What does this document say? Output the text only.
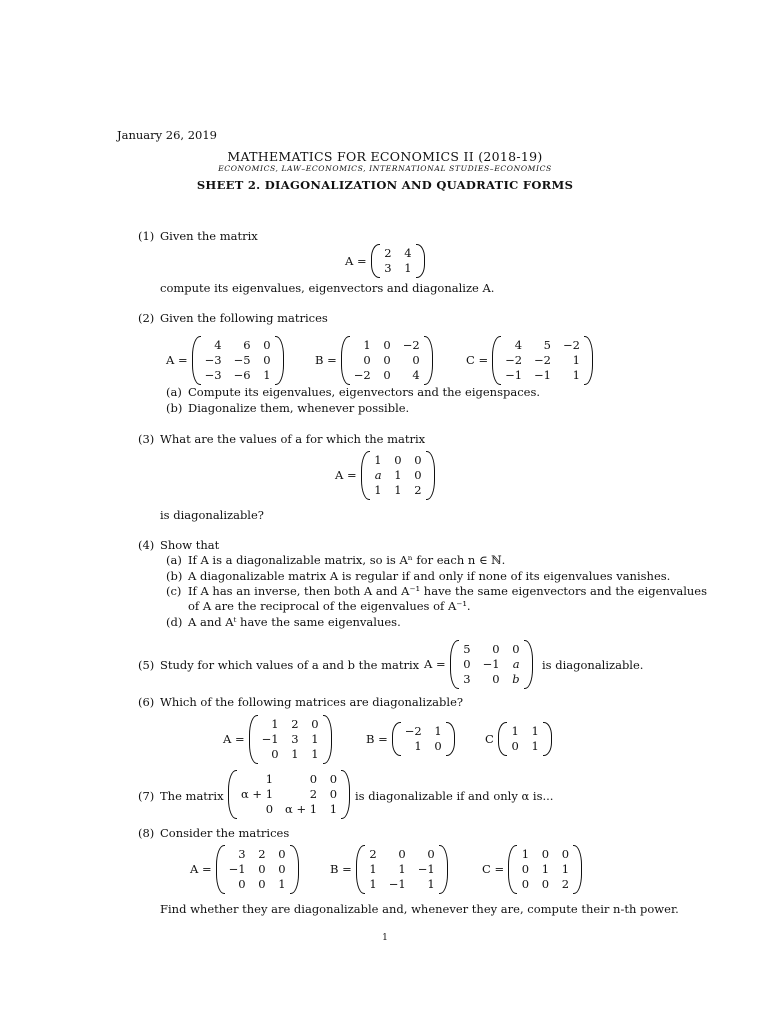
January 26, 2019
MATHEMATICS FOR ECONOMICS II (2018-19)
ECONOMICS, LAW–ECONOMICS, INTERNATIONAL STUDIES–ECONOMICS
SHEET 2. DIAGONALIZATION AND QUADRATIC FORMS
(1) Given the matrix
A =
2 4
3 1
compute its eigenvalues, eigenvectors and diagonalize A.
(2) Given the following matrices
A =
4	6 0
−3 −5 0
−3 −6 1
B =
1 0 −2
0 0	0
−2 0	4
C =
4	5 −2
−2 −2	1
−1 −1	1
(a) Compute its eigenvalues, eigenvectors and the eigenspaces.
(b) Diagonalize them, whenever possible.
(3) What are the values of a for which the matrix
A =
1 0 0
a 1 0
1 1 2
is diagonalizable?
(4) Show that
(a) If A is a diagonalizable matrix, so is Aⁿ for each n ∈ ℕ.
(b) A diagonalizable matrix A is regular if and only if none of its eigenvalues vanishes.
(c) If A has an inverse, then both A and A⁻¹ have the same eigenvectors and the eigenvalues
of A are the reciprocal of the eigenvalues of A⁻¹.
(d) A and Aᵗ have the same eigenvalues.
(5) Study for which values of a and b the matrix A =
5	0 0
0 −1 a
3	0 b
is diagonalizable.
(6) Which of the following matrices are diagonalizable?
A =
1 2 0
−1 3 1
0 1 1
B =
−2 1
1 0
C
1 1
0 1
(7) The matrix
1	0 0
α + 1	2 0
0 α + 1 1
is diagonalizable if and only α is...
(8) Consider the matrices
A =
3 2 0
−1 0 0
0 0 1
B =
2	0	0
1	1 −1
1 −1	1
C =
1 0 0
0 1 1
0 0 2
Find whether they are diagonalizable and, whenever they are, compute their n-th power.
1
